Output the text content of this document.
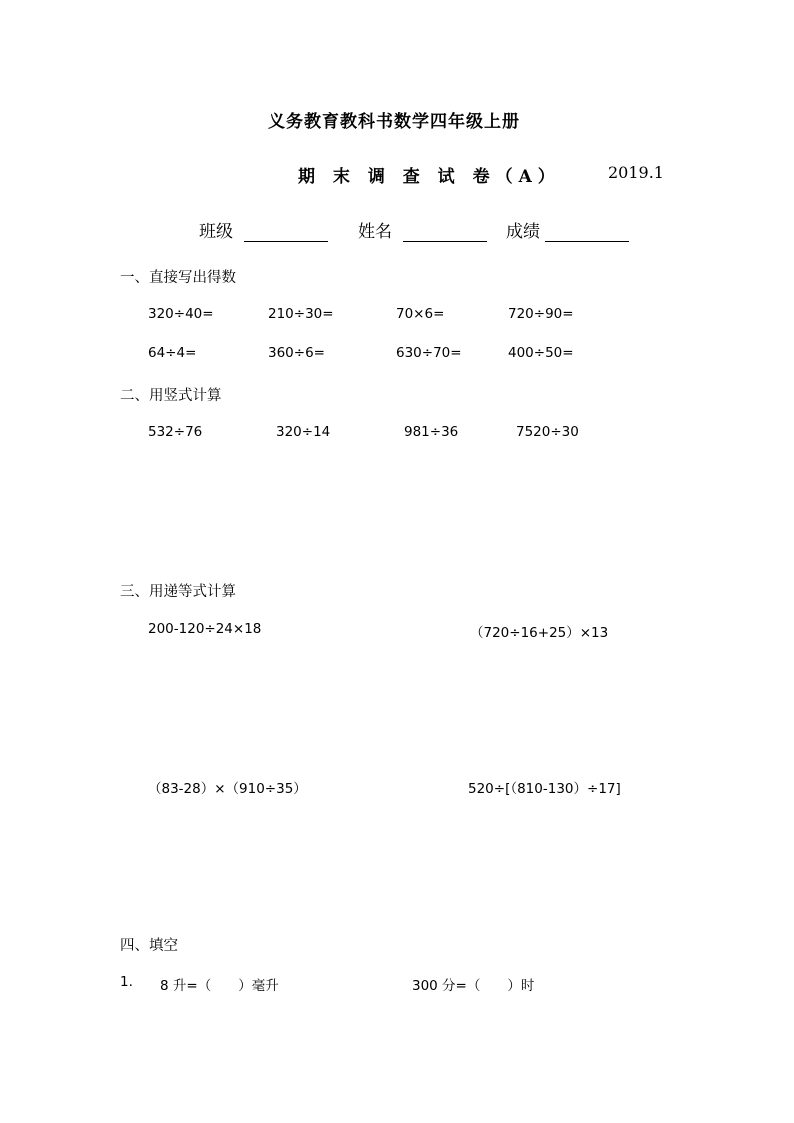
义务教育教科书数学四年级上册
期 末 调 查 试 卷（A）	2019.1
班级	姓名	成绩
一、直接写出得数
320÷40=	210÷30=	70×6=	720÷90=
64÷4=	360÷6=	630÷70=	400÷50=
二、用竖式计算
532÷76	320÷14	981÷36	7520÷30
三、用递等式计算
200-120÷24×18	（720÷16+25）×13
（83-28）×（910÷35）	520÷[（810-130）÷17]
四、填空
1. 8 升=（　　）毫升	300 分=（　　）时
